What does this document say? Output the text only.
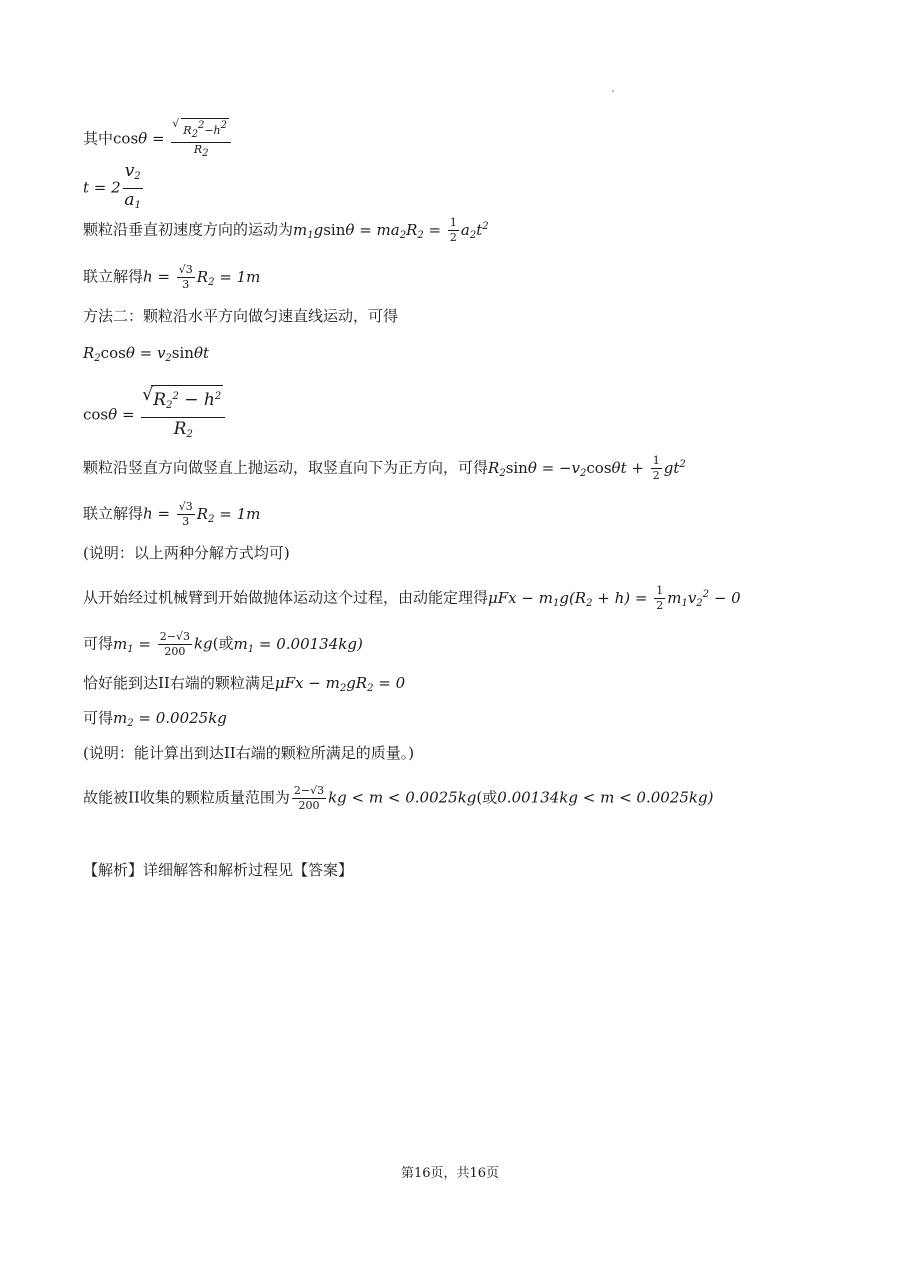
其中cosθ = √ $\frac{R_2^2-h^2}{R_2}$
$t = 2 \frac{v_2}{a_1}$
颗粒沿垂直初速度方向的运动为$m_1gsin\theta = ma_2R_2 = \frac{1}{2} a_2t^2$
联立解得$h = \frac{√3}{3} R_2 = 1m$
方法二：颗粒沿水平方向做匀速直线运动，可得
$R_2\cos\theta = v_2\sin\theta t$
cosθ = √ $\frac{R_2^2 - h^2}{R_2}$
颗粒沿竖直方向做竖直上抛运动，取竖直向下为正方向，可得$R_2\sin\theta = -v_2\cos\theta t + \frac{1}{2} gt^2$
联立解得$h = \frac{√3}{3} R_2 = 1m$
(说明：以上两种分解方式均可)
从开始经过机械臂到开始做抛体运动这个过程，由动能定理得$\mu Fx - m_1g(R_2 + h) = \frac{1}{2} m_1v_2^2 - 0$
可得$m_1 = \frac{2-√3}{200} kg$(或$m_1 = 0.00134kg$)
恰好能到达II右端的颗粒满足$\mu Fx - m_2gR_2 = 0$
可得$m_2 = 0.0025kg$
(说明：能计算出到达II右端的颗粒所满足的质量。)
故能被II收集的颗粒质量范围为 $\frac{2-√3}{200}$ kg < m < 0.0025kg(或0.00134kg < m < 0.0025kg)
【解析】详细解答和解析过程见【答案】
第16页，共16页
